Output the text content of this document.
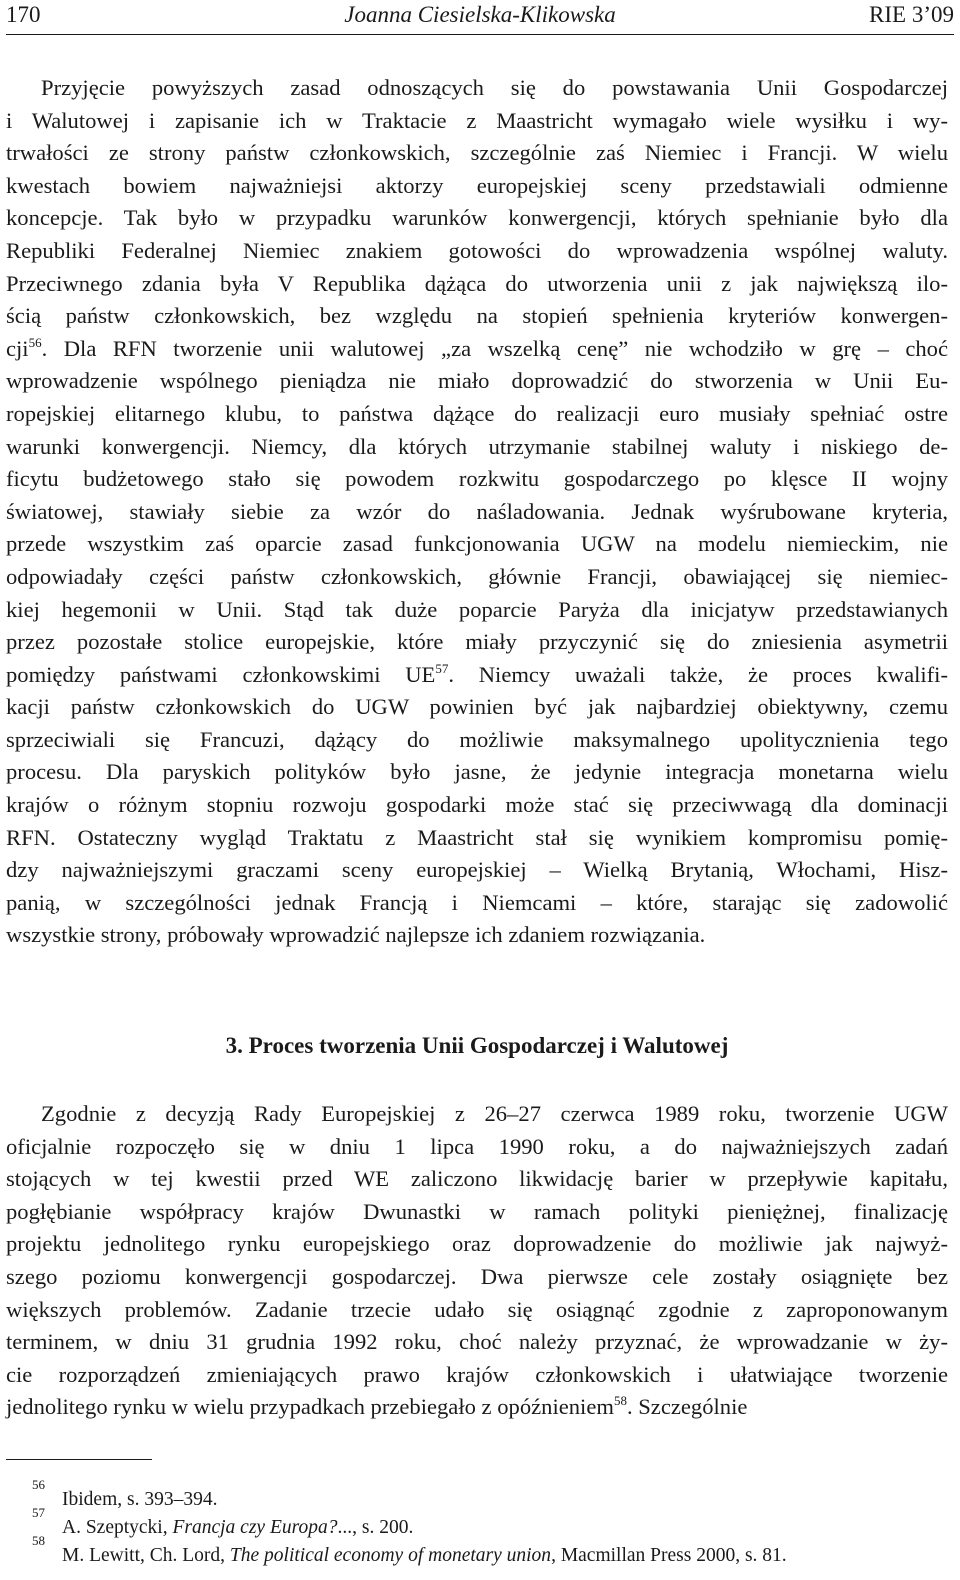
170	Joanna Ciesielska-Klikowska	RIE 3’09
Przyjęcie powyższych zasad odnoszących się do powstawania Unii Gospodarczej
i Walutowej i zapisanie ich w Traktacie z Maastricht wymagało wiele wysiłku i wy-
trwałości ze strony państw członkowskich, szczególnie zaś Niemiec i Francji. W wielu
kwestach bowiem najważniejsi aktorzy europejskiej sceny przedstawiali odmienne
koncepcje. Tak było w przypadku warunków konwergencji, których spełnianie było dla
Republiki Federalnej Niemiec znakiem gotowości do wprowadzenia wspólnej waluty.
Przeciwnego zdania była V Republika dążąca do utworzenia unii z jak największą ilo-
ścią państw członkowskich, bez względu na stopień spełnienia kryteriów konwergen-
cji$^{56}$. Dla RFN tworzenie unii walutowej „za wszelką cenę” nie wchodziło w grę – choć
wprowadzenie wspólnego pieniądza nie miało doprowadzić do stworzenia w Unii Eu-
ropejskiej elitarnego klubu, to państwa dążące do realizacji euro musiały spełniać ostre
warunki konwergencji. Niemcy, dla których utrzymanie stabilnej waluty i niskiego de-
ficytu budżetowego stało się powodem rozkwitu gospodarczego po klęsce II wojny
światowej, stawiały siebie za wzór do naśladowania. Jednak wyśrubowane kryteria,
przede wszystkim zaś oparcie zasad funkcjonowania UGW na modelu niemieckim, nie
odpowiadały części państw członkowskich, głównie Francji, obawiającej się niemiec-
kiej hegemonii w Unii. Stąd tak duże poparcie Paryża dla inicjatyw przedstawianych
przez pozostałe stolice europejskie, które miały przyczynić się do zniesienia asymetrii
pomiędzy państwami członkowskimi UE$^{57}$. Niemcy uważali także, że proces kwalifi-
kacji państw członkowskich do UGW powinien być jak najbardziej obiektywny, czemu
sprzeciwiali się Francuzi, dążący do możliwie maksymalnego upolitycznienia tego
procesu. Dla paryskich polityków było jasne, że jedynie integracja monetarna wielu
krajów o różnym stopniu rozwoju gospodarki może stać się przeciwwagą dla dominacji
RFN. Ostateczny wygląd Traktatu z Maastricht stał się wynikiem kompromisu pomię-
dzy najważniejszymi graczami sceny europejskiej – Wielką Brytanią, Włochami, Hisz-
panią, w szczególności jednak Francją i Niemcami – które, starając się zadowolić
wszystkie strony, próbowały wprowadzić najlepsze ich zdaniem rozwiązania.
3. Proces tworzenia Unii Gospodarczej i Walutowej
Zgodnie z decyzją Rady Europejskiej z 26–27 czerwca 1989 roku, tworzenie UGW
oficjalnie rozpoczęło się w dniu 1 lipca 1990 roku, a do najważniejszych zadań
stojących w tej kwestii przed WE zaliczono likwidację barier w przepływie kapitału,
pogłębianie współpracy krajów Dwunastki w ramach polityki pieniężnej, finalizację
projektu jednolitego rynku europejskiego oraz doprowadzenie do możliwie jak najwyż-
szego poziomu konwergencji gospodarczej. Dwa pierwsze cele zostały osiągnięte bez
większych problemów. Zadanie trzecie udało się osiągnąć zgodnie z zaproponowanym
terminem, w dniu 31 grudnia 1992 roku, choć należy przyznać, że wprowadzanie w ży-
cie rozporządzeń zmieniających prawo krajów członkowskich i ułatwiające tworzenie
jednolitego rynku w wielu przypadkach przebiegało z opóźnieniem$^{58}$. Szczególnie
56
Ibidem, s. 393–394.
57
A. Szeptycki, Francja czy Europa?..., s. 200.
58
M. Lewitt, Ch. Lord, The political economy of monetary union, Macmillan Press 2000, s. 81.
